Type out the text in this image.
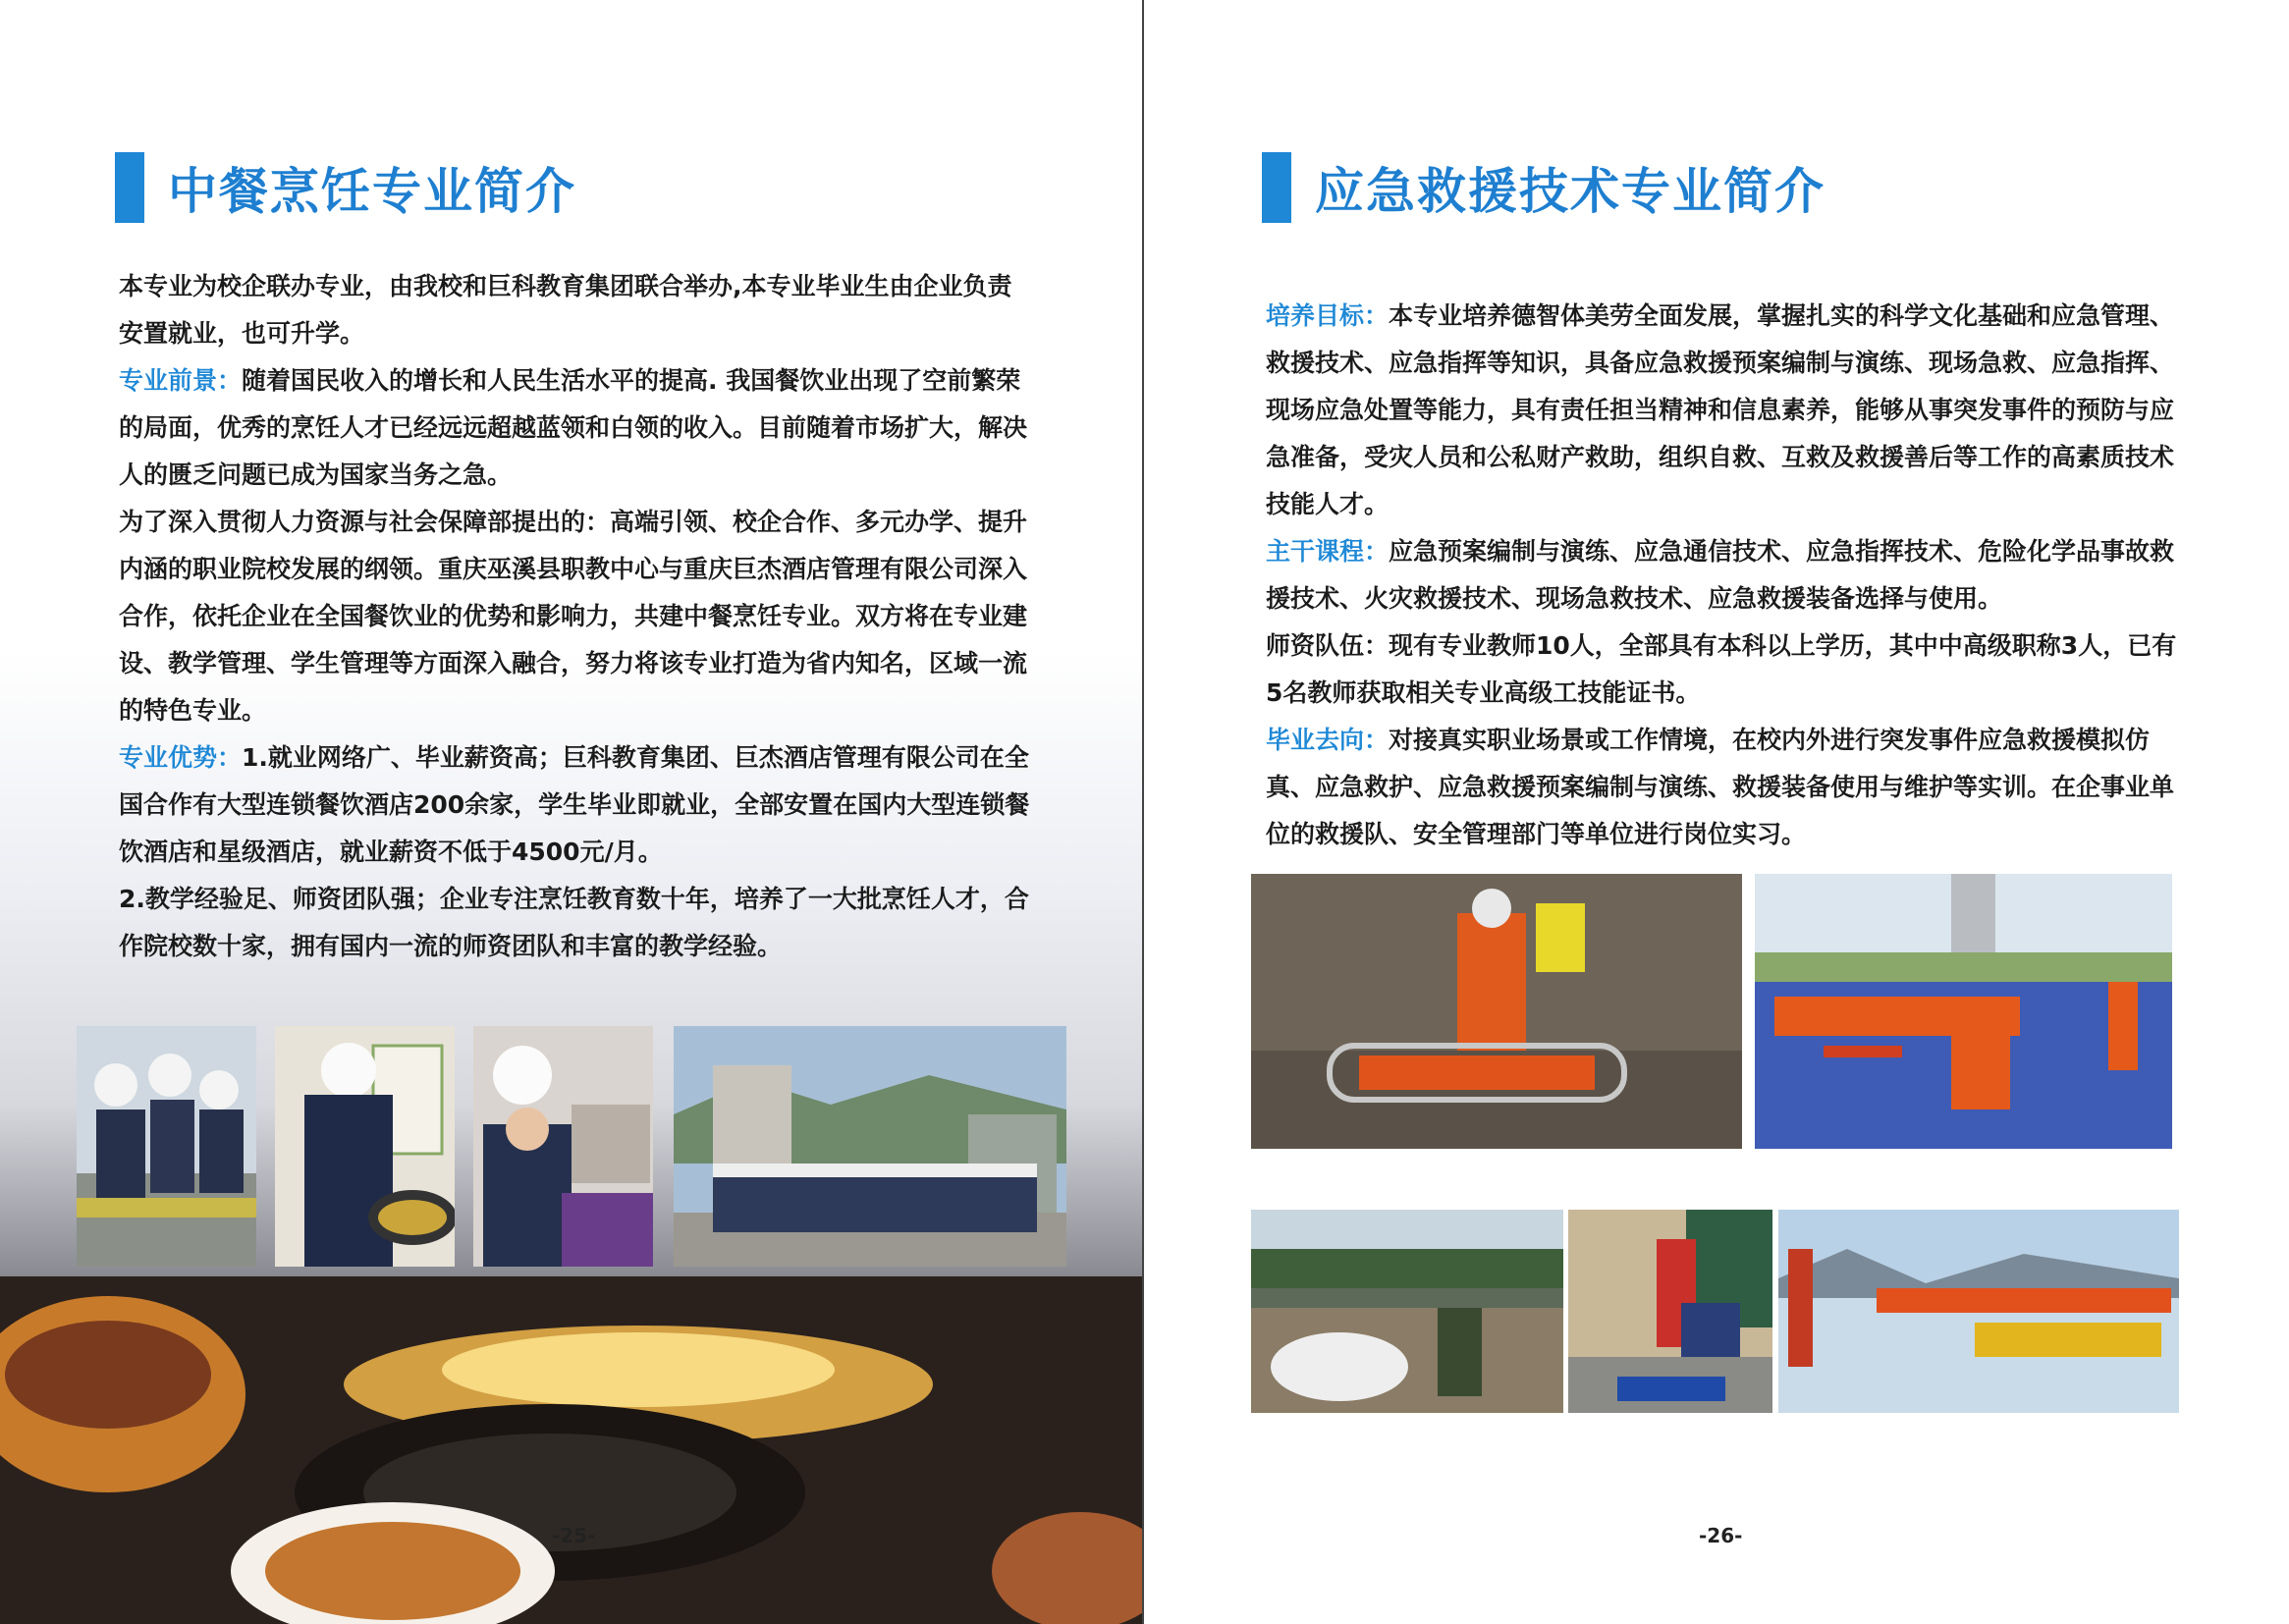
中餐烹饪专业简介

本专业为校企联办专业，由我校和巨科教育集团联合举办,本专业毕业生由企业负责安置就业，也可升学。

专业前景：随着国民收入的增长和人民生活水平的提高. 我国餐饮业出现了空前繁荣的局面，优秀的烹饪人才已经远远超越蓝领和白领的收入。目前随着市场扩大，解决人的匮乏问题已成为国家当务之急。

为了深入贯彻人力资源与社会保障部提出的：高端引领、校企合作、多元办学、提升内涵的职业院校发展的纲领。重庆巫溪县职教中心与重庆巨杰酒店管理有限公司深入合作，依托企业在全国餐饮业的优势和影响力，共建中餐烹饪专业。双方将在专业建设、教学管理、学生管理等方面深入融合，努力将该专业打造为省内知名，区域一流的特色专业。

专业优势：1.就业网络广、毕业薪资高；巨科教育集团、巨杰酒店管理有限公司在全国合作有大型连锁餐饮酒店200余家，学生毕业即就业，全部安置在国内大型连锁餐饮酒店和星级酒店，就业薪资不低于4500元/月。

2.教学经验足、师资团队强；企业专注烹饪教育数十年，培养了一大批烹饪人才，合作院校数十家，拥有国内一流的师资团队和丰富的教学经验。

-25-
应急救援技术专业简介

培养目标：本专业培养德智体美劳全面发展，掌握扎实的科学文化基础和应急管理、救援技术、应急指挥等知识，具备应急救援预案编制与演练、现场急救、应急指挥、现场应急处置等能力，具有责任担当精神和信息素养，能够从事突发事件的预防与应急准备，受灾人员和公私财产救助，组织自救、互救及救援善后等工作的高素质技术技能人才。

主干课程：应急预案编制与演练、应急通信技术、应急指挥技术、危险化学品事故救援技术、火灾救援技术、现场急救技术、应急救援装备选择与使用。

师资队伍：现有专业教师10人，全部具有本科以上学历，其中中高级职称3人，已有5名教师获取相关专业高级工技能证书。

毕业去向：对接真实职业场景或工作情境，在校内外进行突发事件应急救援模拟仿真、应急救护、应急救援预案编制与演练、救援装备使用与维护等实训。在企事业单位的救援队、安全管理部门等单位进行岗位实习。

-26-
